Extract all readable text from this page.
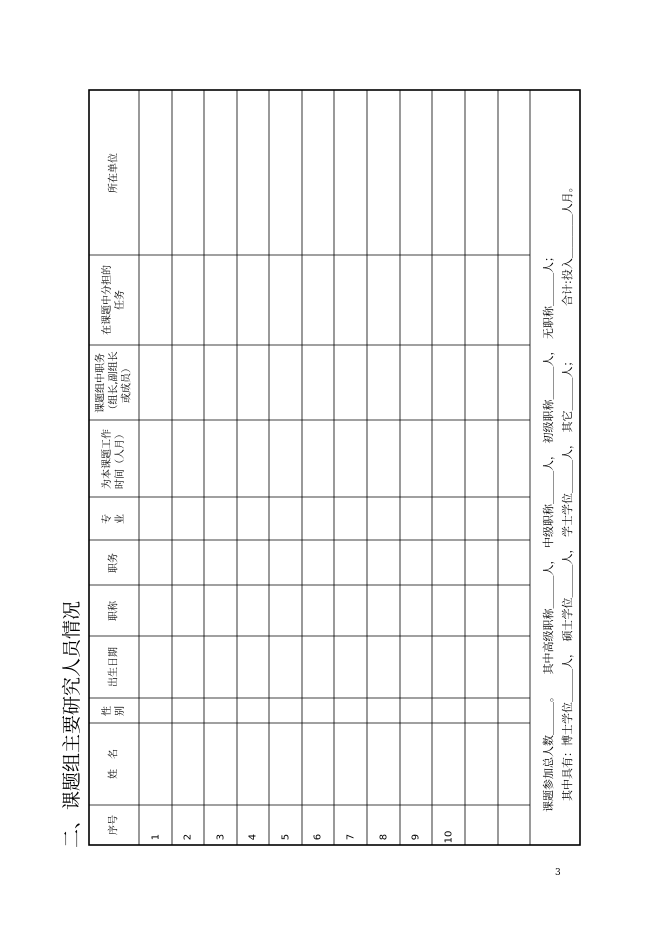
二、课题组主要研究人员情况	序号
姓　名
性
别
出生日期
职称
职务
专
业
为本课题工作
时间（人月）
课题组中职务
（组长,副组长
或成员）
在课题中分担的
任务
所在单位
1 2 3 4 5 6 7 8 9 10
课题参加总人数＿＿＿。　　其中高级职称＿＿＿人，　中级职称＿＿＿人，　初级职称＿＿＿人，　无职称＿＿＿人； 　其中具有：博士学位＿＿＿人，　硕士学位＿＿＿人，　学士学位＿＿＿人，　其它＿＿＿人；　　　　　合计:投入＿＿＿＿人月。
3
